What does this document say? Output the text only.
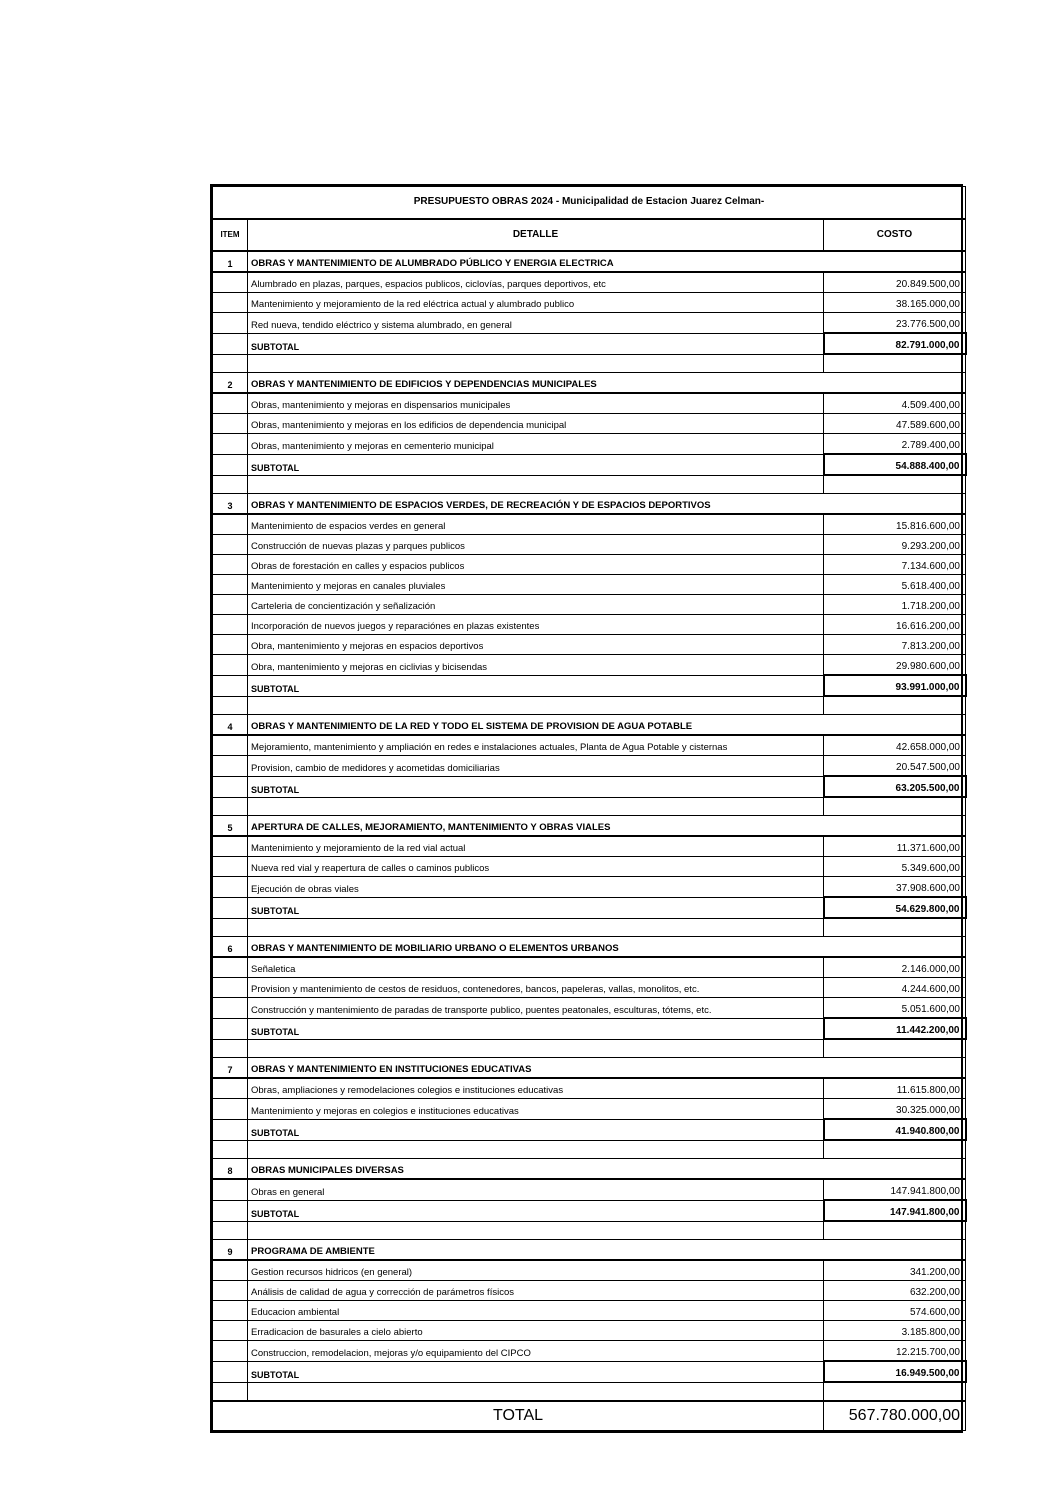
PRESUPUESTO OBRAS 2024 - Municipalidad de Estacion Juarez Celman-		
ITEM	DETALLE	COSTO
1	OBRAS Y MANTENIMIENTO DE ALUMBRADO PÚBLICO Y ENERGIA ELECTRICA	
	Alumbrado en plazas, parques, espacios publicos, ciclovías, parques deportivos, etc	20.849.500,00
	Mantenimiento y mejoramiento de la red eléctrica actual y alumbrado publico	38.165.000,00
	Red nueva, tendido eléctrico y sistema alumbrado, en general	23.776.500,00
	SUBTOTAL	82.791.000,00

2	OBRAS Y MANTENIMIENTO DE EDIFICIOS Y DEPENDENCIAS MUNICIPALES	
	Obras, mantenimiento y mejoras en dispensarios municipales	4.509.400,00
	Obras, mantenimiento y mejoras en los edificios de dependencia municipal	47.589.600,00
	Obras, mantenimiento y mejoras en cementerio municipal	2.789.400,00
	SUBTOTAL	54.888.400,00

3	OBRAS Y MANTENIMIENTO DE ESPACIOS VERDES, DE RECREACIÓN Y DE ESPACIOS DEPORTIVOS	
	Mantenimiento de espacios verdes en general	15.816.600,00
	Construcción de nuevas plazas y parques publicos	9.293.200,00
	Obras de forestación en calles y espacios publicos	7.134.600,00
	Mantenimiento y mejoras en canales pluviales	5.618.400,00
	Carteleria de concientización y señalización	1.718.200,00
	Incorporación de nuevos juegos y reparaciónes en plazas existentes	16.616.200,00
	Obra, mantenimiento y mejoras en espacios deportivos	7.813.200,00
	Obra, mantenimiento y mejoras en ciclivias y bicisendas	29.980.600,00
	SUBTOTAL	93.991.000,00

4	OBRAS Y MANTENIMIENTO DE LA RED Y TODO EL SISTEMA DE PROVISION DE AGUA POTABLE	
	Mejoramiento, mantenimiento y ampliación en redes e instalaciones actuales, Planta de Agua Potable y cisternas	42.658.000,00
	Provision, cambio de medidores y acometidas domiciliarias	20.547.500,00
	SUBTOTAL	63.205.500,00

5	APERTURA DE CALLES, MEJORAMIENTO, MANTENIMIENTO Y OBRAS VIALES	
	Mantenimiento y mejoramiento de la red vial actual	11.371.600,00
	Nueva red vial y reapertura de calles o caminos publicos	5.349.600,00
	Ejecución de obras viales	37.908.600,00
	SUBTOTAL	54.629.800,00

6	OBRAS Y MANTENIMIENTO DE MOBILIARIO URBANO O ELEMENTOS URBANOS	
	Señaletica	2.146.000,00
	Provision y mantenimiento de cestos de residuos, contenedores, bancos, papeleras, vallas, monolitos, etc.	4.244.600,00
	Construcción y mantenimiento de paradas de transporte publico, puentes peatonales, esculturas, tótems, etc.	5.051.600,00
	SUBTOTAL	11.442.200,00

7	OBRAS Y MANTENIMIENTO EN INSTITUCIONES EDUCATIVAS	
	Obras, ampliaciones y remodelaciones colegios e instituciones educativas	11.615.800,00
	Mantenimiento y mejoras en colegios e instituciones educativas	30.325.000,00
	SUBTOTAL	41.940.800,00

8	OBRAS MUNICIPALES DIVERSAS	
	Obras en general	147.941.800,00
	SUBTOTAL	147.941.800,00

9	PROGRAMA DE AMBIENTE	
	Gestion recursos hidricos (en general)	341.200,00
	Análisis de calidad de agua y corrección de parámetros físicos	632.200,00
	Educacion ambiental	574.600,00
	Erradicacion de basurales a cielo abierto	3.185.800,00
	Construccion, remodelacion, mejoras y/o equipamiento del CIPCO	12.215.700,00
	SUBTOTAL	16.949.500,00

TOTAL		567.780.000,00
